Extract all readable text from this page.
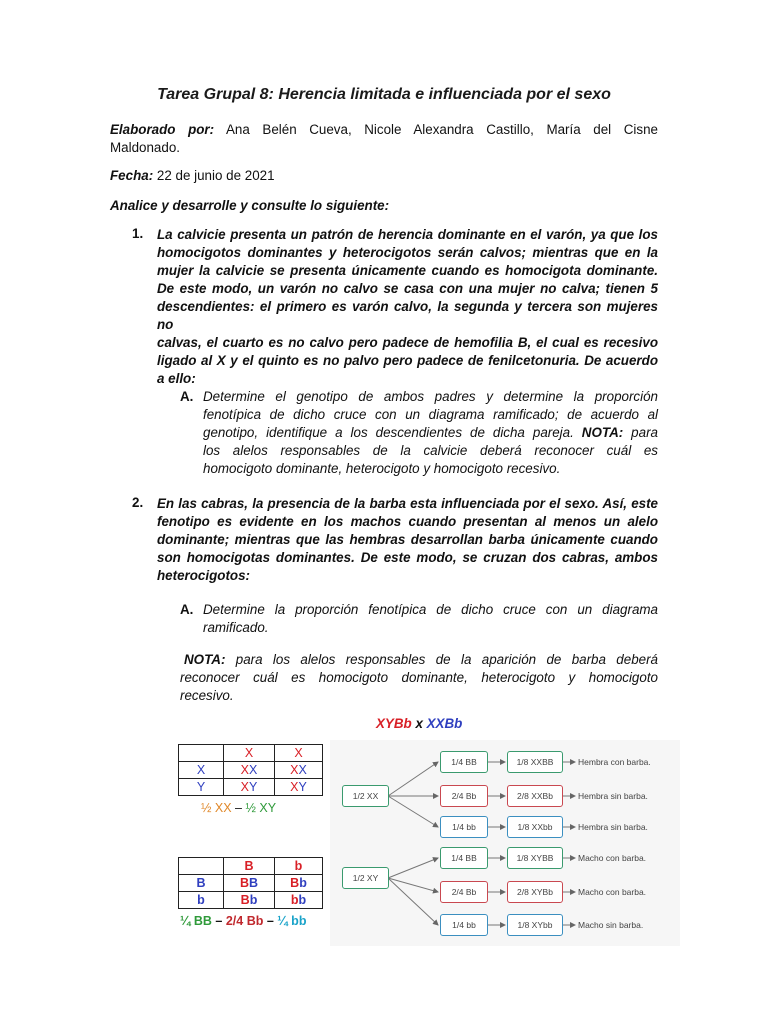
Tarea Grupal 8: Herencia limitada e influenciada por el sexo
Elaborado por: Ana Belén Cueva, Nicole Alexandra Castillo, María del Cisne
Maldonado.
Fecha: 22 de junio de 2021
Analice y desarrolle y consulte lo siguiente:
1. La calvicie presenta un patrón de herencia dominante en el varón, ya que los
homocigotos dominantes y heterocigotos serán calvos; mientras que en la
mujer la calvicie se presenta únicamente cuando es homocigota dominante.
De este modo, un varón no calvo se casa con una mujer no calva; tienen 5
descendientes: el primero es varón calvo, la segunda y tercera son mujeres no
calvas, el cuarto es no calvo pero padece de hemofilia B, el cual es recesivo
ligado al X y el quinto es no palvo pero padece de fenilcetonuria. De acuerdo
a ello:
A. Determine el genotipo de ambos padres y determine la proporción
fenotípica de dicho cruce con un diagrama ramificado; de acuerdo al
genotipo, identifique a los descendientes de dicha pareja. NOTA: para
los alelos responsables de la calvicie deberá reconocer cuál es
homocigoto dominante, heterocigoto y homocigoto recesivo.
2. En las cabras, la presencia de la barba esta influenciada por el sexo. Así, este
fenotipo es evidente en los machos cuando presentan al menos un alelo
dominante; mientras que las hembras desarrollan barba únicamente cuando
son homocigotas dominantes. De este modo, se cruzan dos cabras, ambos
heterocigotos:
A. Determine la proporción fenotípica de dicho cruce con un diagrama
ramificado.
NOTA: para los alelos responsables de la aparición de barba deberá
reconocer cuál es homocigoto dominante, heterocigoto y homocigoto
recesivo.
XYBb x XXBb
	X	X
X	XX	XX
Y	XY	XY
½ XX – ½ XY
	B	b
B	BB	Bb
b	Bb	bb
¼ BB – 2/4 Bb – ¼ bb
1/2 XX
1/2 XY
1/4 BB
2/4 Bb
1/4 bb
1/4 BB
2/4 Bb
1/4 bb
1/8 XXBB
2/8 XXBb
1/8 XXbb
1/8 XYBB
2/8 XYBb
1/8 XYbb
Hembra con barba.
Hembra sin barba.
Hembra sin barba.
Macho con barba.
Macho con barba.
Macho sin barba.
